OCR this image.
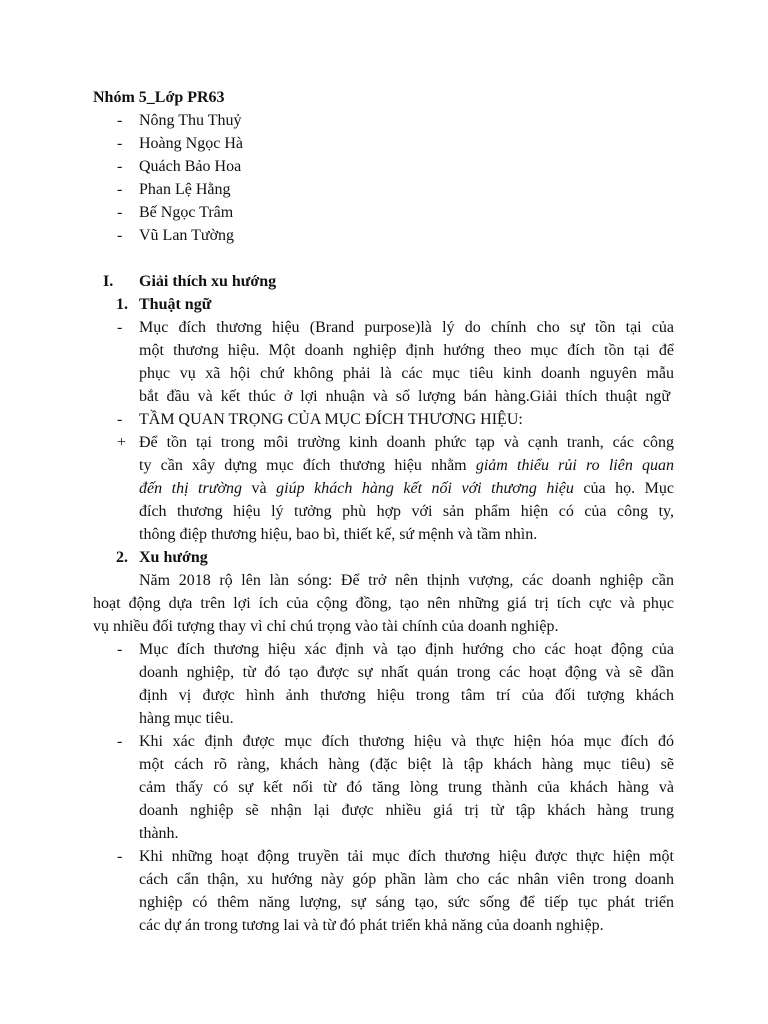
Nhóm 5_Lớp PR63
- Nông Thu Thuỷ
- Hoàng Ngọc Hà
- Quách Bảo Hoa
- Phan Lệ Hằng
- Bế Ngọc Trâm
- Vũ Lan Tường
I. Giải thích xu hướng
1. Thuật ngữ
- Mục đích thương hiệu (Brand purpose)là lý do chính cho sự tồn tại của
một thương hiệu. Một doanh nghiệp định hướng theo mục đích tồn tại để
phục vụ xã hội chứ không phải là các mục tiêu kinh doanh nguyên mẫu
bắt đầu và kết thúc ở lợi nhuận và số lượng bán hàng.Giải thích thuật ngữ
- TẦM QUAN TRỌNG CỦA MỤC ĐÍCH THƯƠNG HIỆU:
+ Để tồn tại trong môi trường kinh doanh phức tạp và cạnh tranh, các công
ty cần xây dựng mục đích thương hiệu nhằm giảm thiểu rủi ro liên quan
đến thị trường và giúp khách hàng kết nối với thương hiệu của họ. Mục
đích thương hiệu lý tưởng phù hợp với sản phẩm hiện có của công ty,
thông điệp thương hiệu, bao bì, thiết kế, sứ mệnh và tầm nhìn.
2. Xu hướng
Năm 2018 rộ lên làn sóng: Để trở nên thịnh vượng, các doanh nghiệp cần
hoạt động dựa trên lợi ích của cộng đồng, tạo nên những giá trị tích cực và phục
vụ nhiều đối tượng thay vì chỉ chú trọng vào tài chính của doanh nghiệp.
- Mục đích thương hiệu xác định và tạo định hướng cho các hoạt động của
doanh nghiệp, từ đó tạo được sự nhất quán trong các hoạt động và sẽ dần
định vị được hình ảnh thương hiệu trong tâm trí của đối tượng khách
hàng mục tiêu.
- Khi xác định được mục đích thương hiệu và thực hiện hóa mục đích đó
một cách rõ ràng, khách hàng (đặc biệt là tập khách hàng mục tiêu) sẽ
cảm thấy có sự kết nối từ đó tăng lòng trung thành của khách hàng và
doanh nghiệp sẽ nhận lại được nhiều giá trị từ tập khách hàng trung
thành.
- Khi những hoạt động truyền tải mục đích thương hiệu được thực hiện một
cách cẩn thận, xu hướng này góp phần làm cho các nhân viên trong doanh
nghiệp có thêm năng lượng, sự sáng tạo, sức sống để tiếp tục phát triển
các dự án trong tương lai và từ đó phát triển khả năng của doanh nghiệp.
